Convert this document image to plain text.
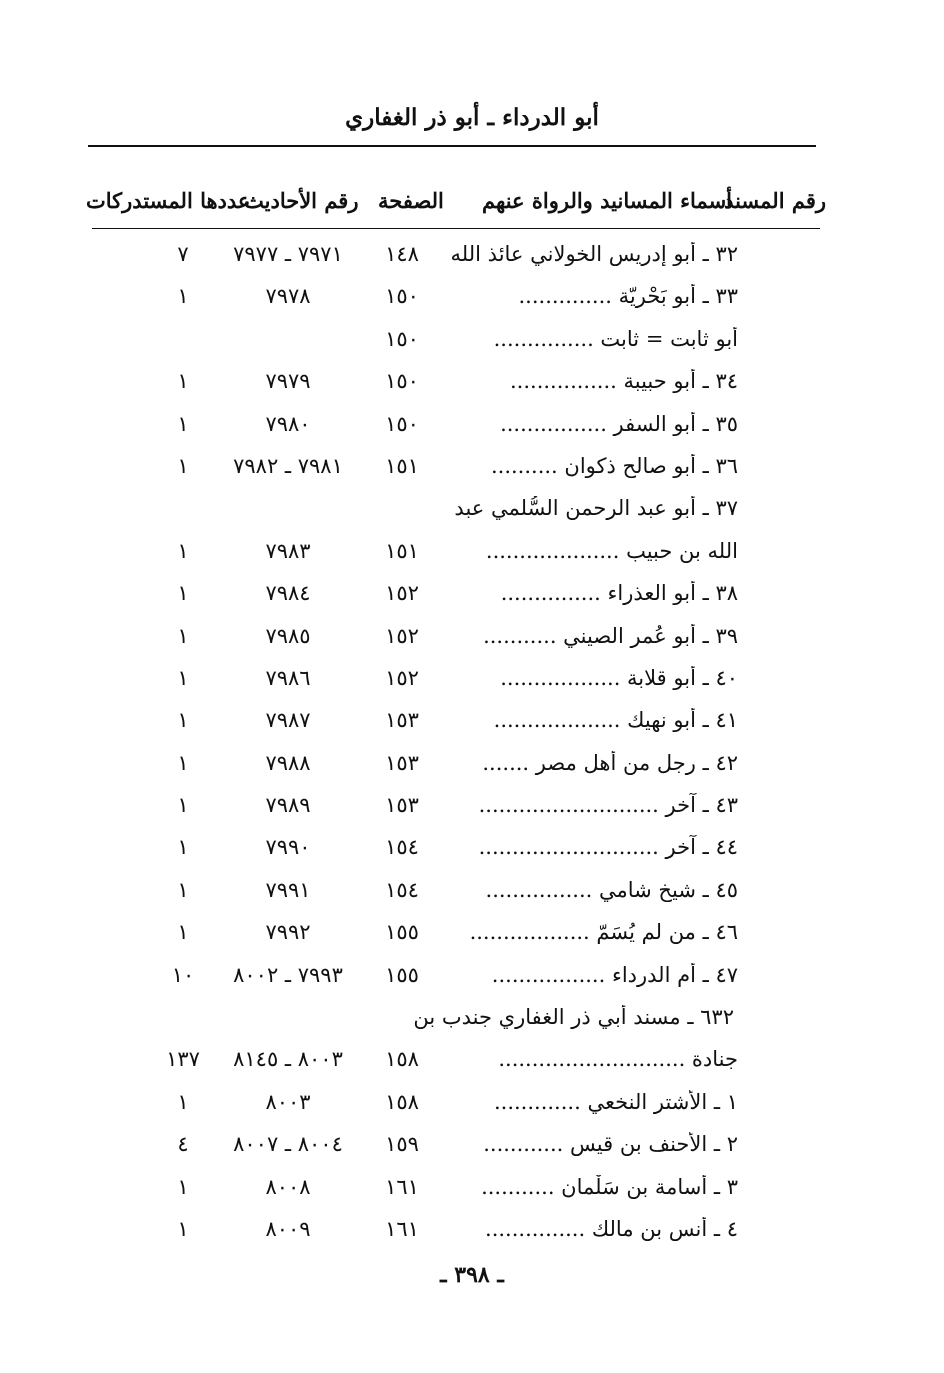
أبو الدرداء ـ أبو ذر الغفاري
رقم المسند
أسماء المسانيد والرواة عنهم
الصفحة
رقم الأحاديث
عددها المستدركات
٣٢ ـ أبو إدريس الخولاني عائذ الله
١٤٨
٧٩٧١ ـ ٧٩٧٧
٧
٣٣ ـ أبو بَحْرِيّة ..............
١٥٠
٧٩٧٨
١
أبو ثابت = ثابت ...............
١٥٠
٣٤ ـ أبو حبيبة ................
١٥٠
٧٩٧٩
١
٣٥ ـ أبو السفر ................
١٥٠
٧٩٨٠
١
٣٦ ـ أبو صالح ذكوان ..........
١٥١
٧٩٨١ ـ ٧٩٨٢
١
٣٧ ـ أبو عبد الرحمن السُّلمي عبد
الله بن حبيب ....................
١٥١
٧٩٨٣
١
٣٨ ـ أبو العذراء ...............
١٥٢
٧٩٨٤
١
٣٩ ـ أبو عُمر الصيني ...........
١٥٢
٧٩٨٥
١
٤٠ ـ أبو قلابة ..................
١٥٢
٧٩٨٦
١
٤١ ـ أبو نهيك ...................
١٥٣
٧٩٨٧
١
٤٢ ـ رجل من أهل مصر .......
١٥٣
٧٩٨٨
١
٤٣ ـ آخر ...........................
١٥٣
٧٩٨٩
١
٤٤ ـ آخر ...........................
١٥٤
٧٩٩٠
١
٤٥ ـ شيخ شامي ................
١٥٤
٧٩٩١
١
٤٦ ـ من لم يُسَمّ ..................
١٥٥
٧٩٩٢
١
٤٧ ـ أم الدرداء .................
١٥٥
٧٩٩٣ ـ ٨٠٠٢
١٠
٦٣٢ ـ مسند أبي ذر الغفاري جندب بن
جنادة ............................
١٥٨
٨٠٠٣ ـ ٨١٤٥
١٣٧
١ ـ الأشتر النخعي .............
١٥٨
٨٠٠٣
١
٢ ـ الأحنف بن قيس ............
١٥٩
٨٠٠٤ ـ ٨٠٠٧
٤
٣ ـ أسامة بن سَلْمان ...........
١٦١
٨٠٠٨
١
٤ ـ أنس بن مالك ...............
١٦١
٨٠٠٩
١
ـ ٣٩٨ ـ
